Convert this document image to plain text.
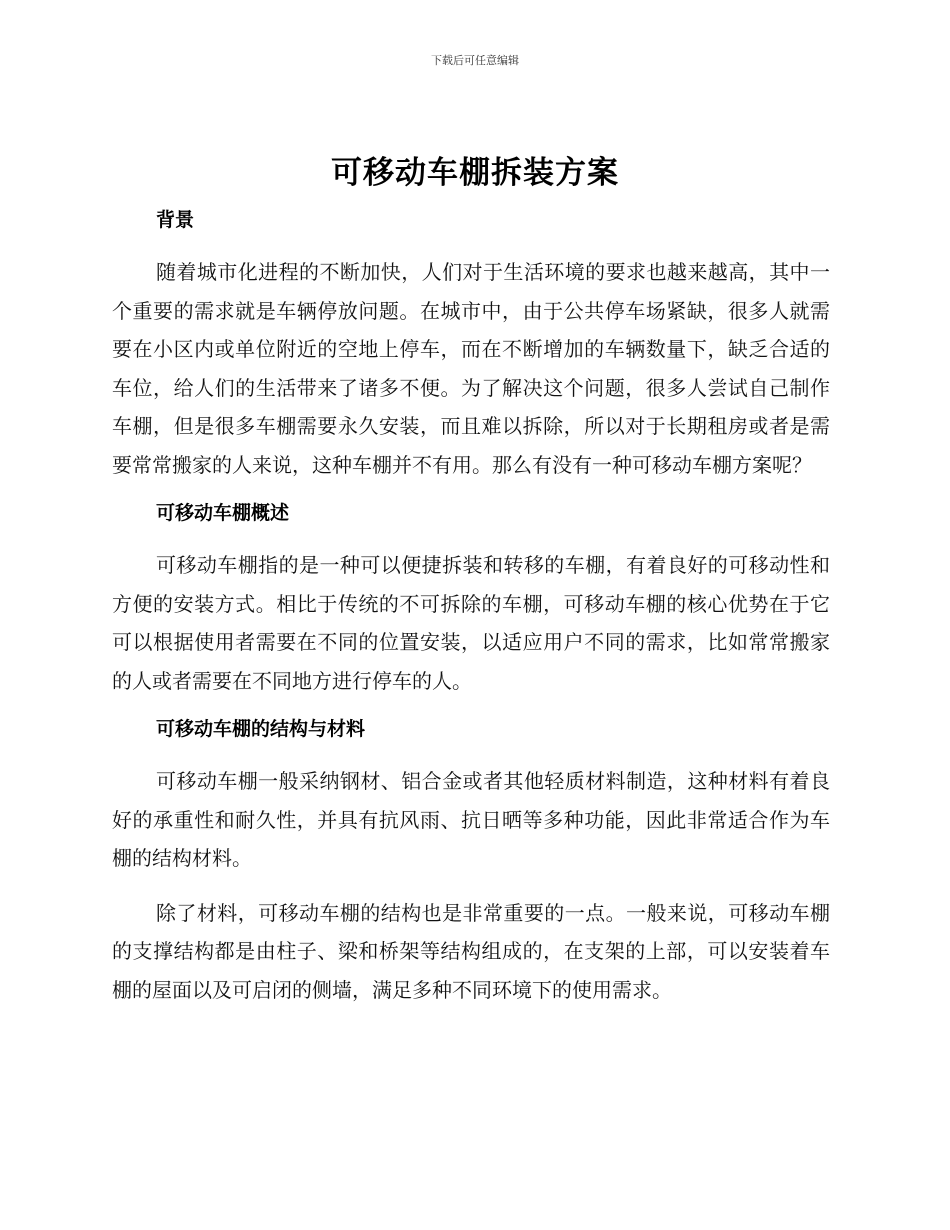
下载后可任意编辑
可移动车棚拆装方案
背景

随着城市化进程的不断加快，人们对于生活环境的要求也越来越高，其中一个重要的需求就是车辆停放问题。在城市中，由于公共停车场紧缺，很多人就需要在小区内或单位附近的空地上停车，而在不断增加的车辆数量下，缺乏合适的车位，给人们的生活带来了诸多不便。为了解决这个问题，很多人尝试自己制作车棚，但是很多车棚需要永久安装，而且难以拆除，所以对于长期租房或者是需要常常搬家的人来说，这种车棚并不有用。那么有没有一种可移动车棚方案呢？

可移动车棚概述

可移动车棚指的是一种可以便捷拆装和转移的车棚，有着良好的可移动性和方便的安装方式。相比于传统的不可拆除的车棚，可移动车棚的核心优势在于它可以根据使用者需要在不同的位置安装，以适应用户不同的需求，比如常常搬家的人或者需要在不同地方进行停车的人。

可移动车棚的结构与材料

可移动车棚一般采纳钢材、铝合金或者其他轻质材料制造，这种材料有着良好的承重性和耐久性，并具有抗风雨、抗日晒等多种功能，因此非常适合作为车棚的结构材料。

除了材料，可移动车棚的结构也是非常重要的一点。一般来说，可移动车棚的支撑结构都是由柱子、梁和桥架等结构组成的，在支架的上部，可以安装着车棚的屋面以及可启闭的侧墙，满足多种不同环境下的使用需求。
